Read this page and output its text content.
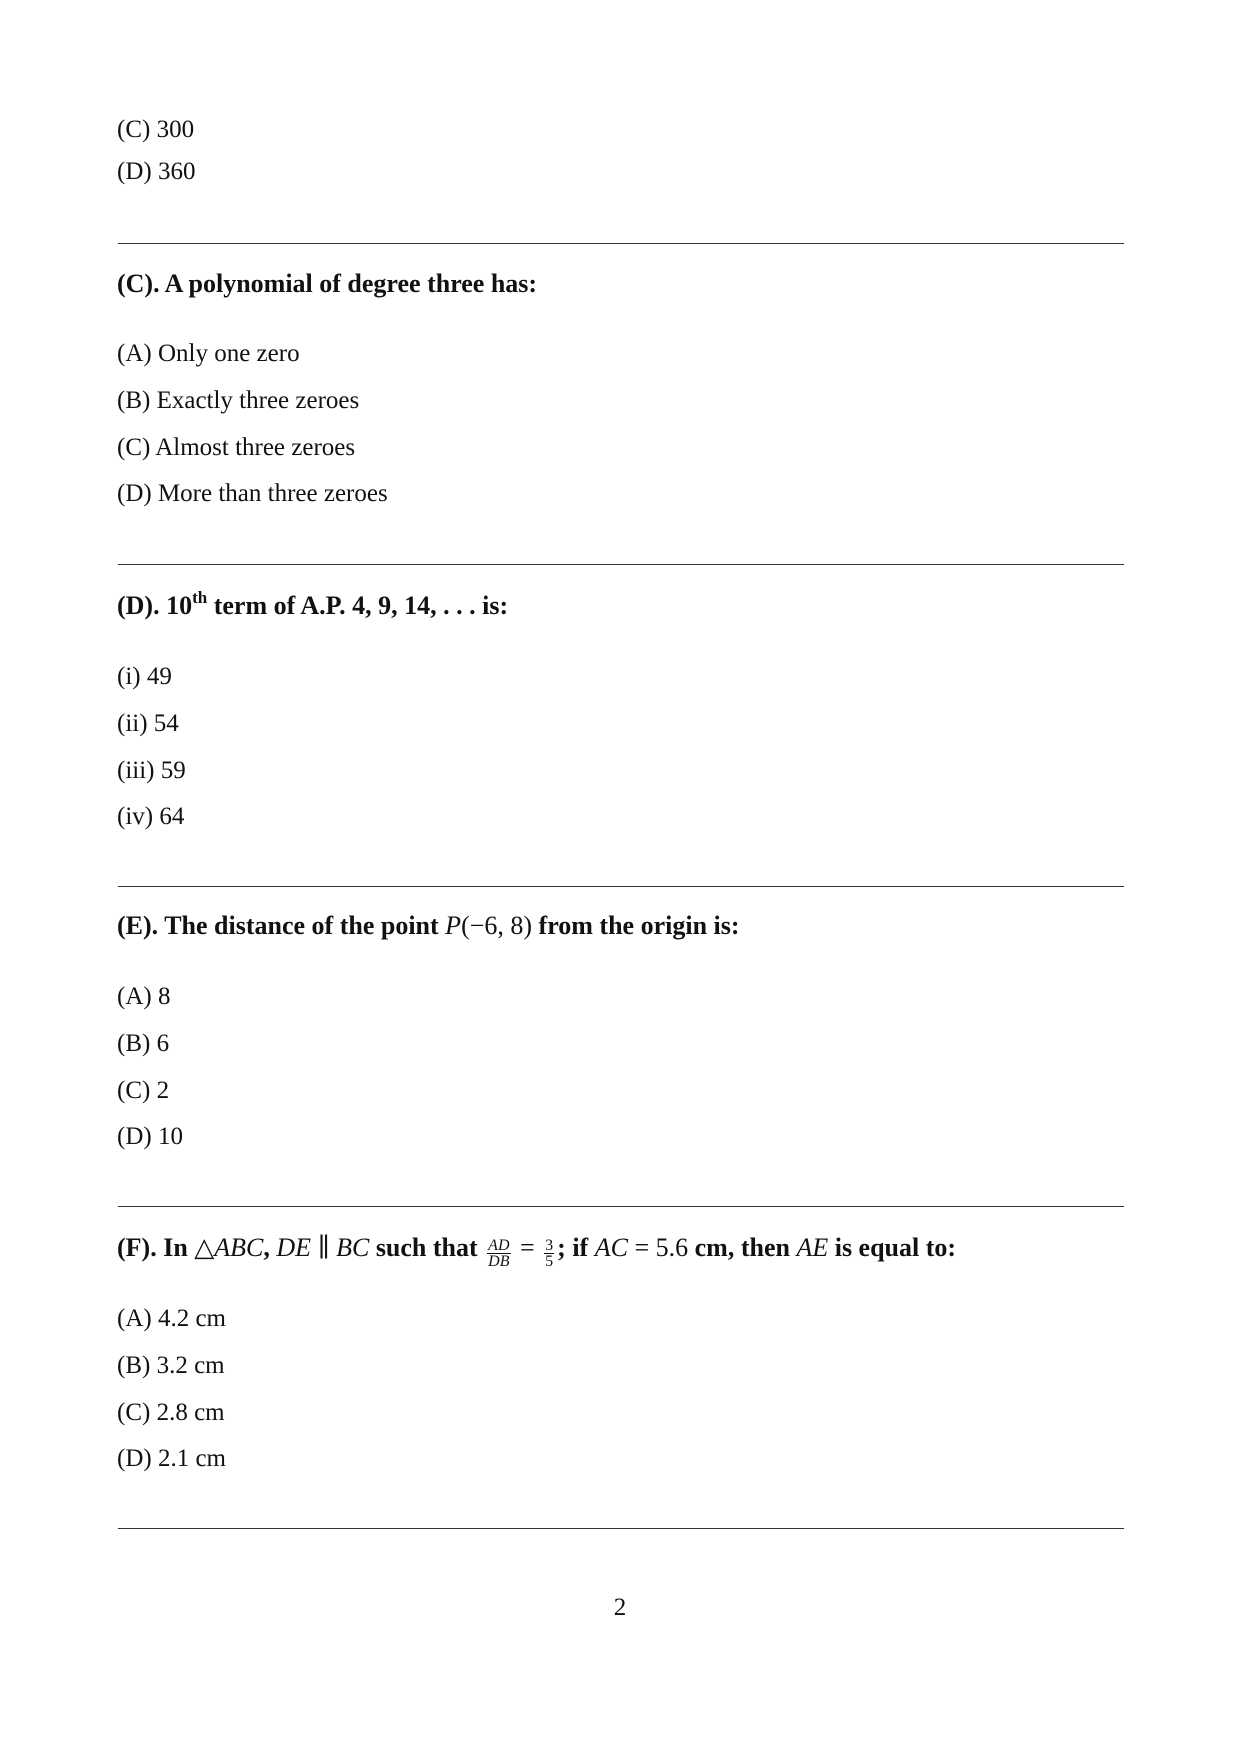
(C) 300
(D) 360
(C). A polynomial of degree three has:
(A) Only one zero
(B) Exactly three zeroes
(C) Almost three zeroes
(D) More than three zeroes
(D). 10th term of A.P. 4, 9, 14, . . . is:
(i) 49
(ii) 54
(iii) 59
(iv) 64
(E). The distance of the point P(−6, 8) from the origin is:
(A) 8
(B) 6
(C) 2
(D) 10
(F). In △ABC, DE ∥ BC such that $\frac{AD}{DB} = \frac{3}{5}$ ; if AC = 5.6 cm, then AE is equal to:
(A) 4.2 cm
(B) 3.2 cm
(C) 2.8 cm
(D) 2.1 cm
2
